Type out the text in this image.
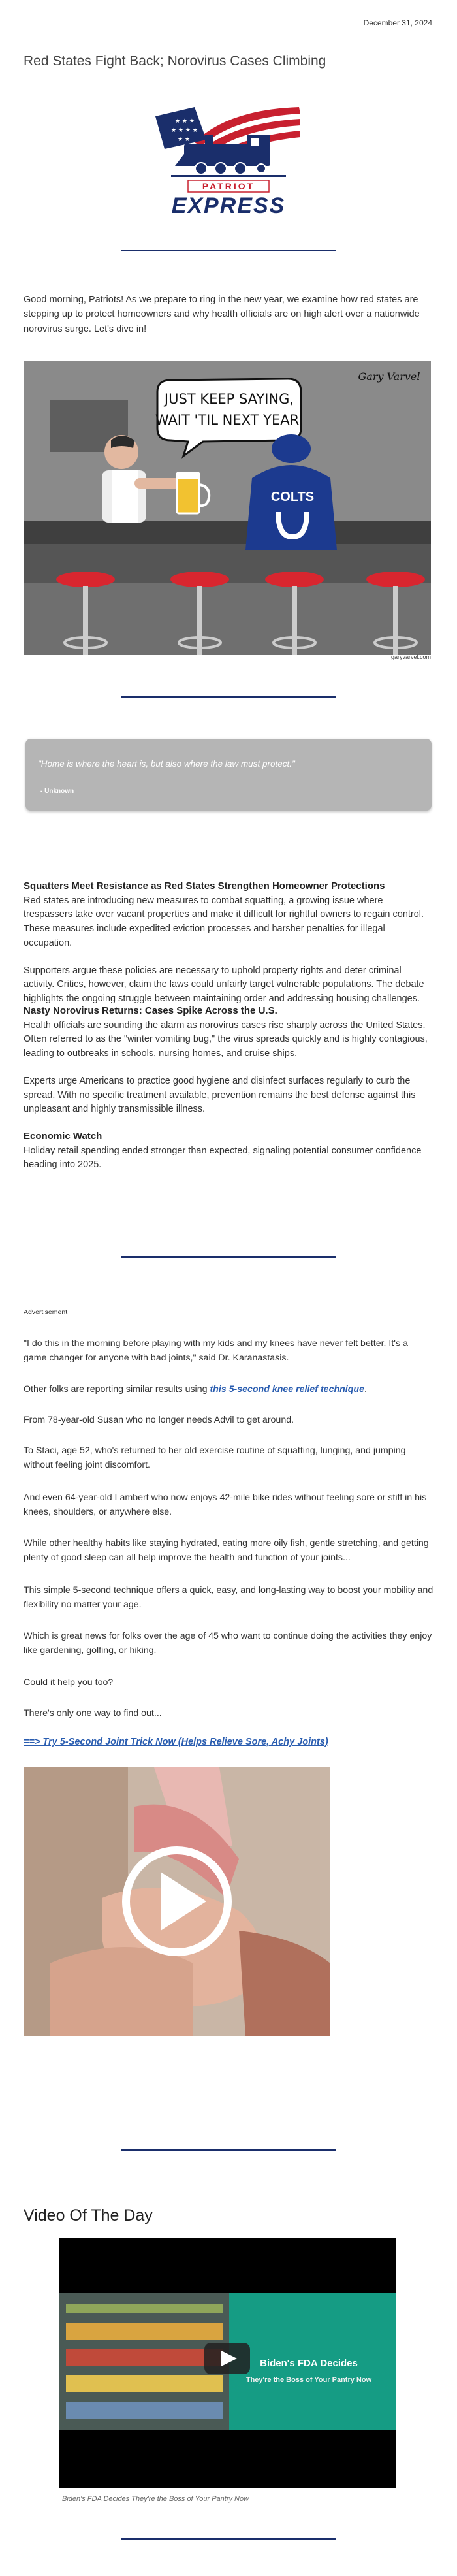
December 31, 2024
Red States Fight Back; Norovirus Cases Climbing
★ ★ ★
★ ★ ★ ★
★ ★
PATRIOT
EXPRESS
Good morning, Patriots! As we prepare to ring in the new year, we examine how red states are stepping up to protect homeowners and why health officials are on high alert over a nationwide norovirus surge. Let's dive in!
JUST KEEP SAYING,
WAIT 'TIL NEXT YEAR.
COLTS
Gary Varvel
garyvarvel.com
"Home is where the heart is, but also where the law must protect."
- Unknown
Squatters Meet Resistance as Red States Strengthen Homeowner Protections

Red states are introducing new measures to combat squatting, a growing issue where trespassers take over vacant properties and make it difficult for rightful owners to regain control. These measures include expedited eviction processes and harsher penalties for illegal occupation.

Supporters argue these policies are necessary to uphold property rights and deter criminal activity. Critics, however, claim the laws could unfairly target vulnerable populations. The debate highlights the ongoing struggle between maintaining order and addressing housing challenges.

Nasty Norovirus Returns: Cases Spike Across the U.S.

Health officials are sounding the alarm as norovirus cases rise sharply across the United States. Often referred to as the "winter vomiting bug," the virus spreads quickly and is highly contagious, leading to outbreaks in schools, nursing homes, and cruise ships.

Experts urge Americans to practice good hygiene and disinfect surfaces regularly to curb the spread. With no specific treatment available, prevention remains the best defense against this unpleasant and highly transmissible illness.

Economic Watch

Holiday retail spending ended stronger than expected, signaling potential consumer confidence heading into 2025.

Advertisement
"I do this in the morning before playing with my kids and my knees have never felt better. It's a game changer for anyone with bad joints," said Dr. Karanastasis.
Other folks are reporting similar results using this 5-second knee relief technique.
From 78-year-old Susan who no longer needs Advil to get around.
To Staci, age 52, who's returned to her old exercise routine of squatting, lunging, and jumping without feeling joint discomfort.
And even 64-year-old Lambert who now enjoys 42-mile bike rides without feeling sore or stiff in his knees, shoulders, or anywhere else.
While other healthy habits like staying hydrated, eating more oily fish, gentle stretching, and getting plenty of good sleep can all help improve the health and function of your joints...
This simple 5-second technique offers a quick, easy, and long-lasting way to boost your mobility and flexibility no matter your age.
Which is great news for folks over the age of 45 who want to continue doing the activities they enjoy like gardening, golfing, or hiking.
Could it help you too?
There's only one way to find out...
==> Try 5-Second Joint Trick Now (Helps Relieve Sore, Achy Joints)
Video Of The Day
Biden's FDA Decides
They're the Boss of Your Pantry Now
Biden's FDA Decides They're the Boss of Your Pantry Now
